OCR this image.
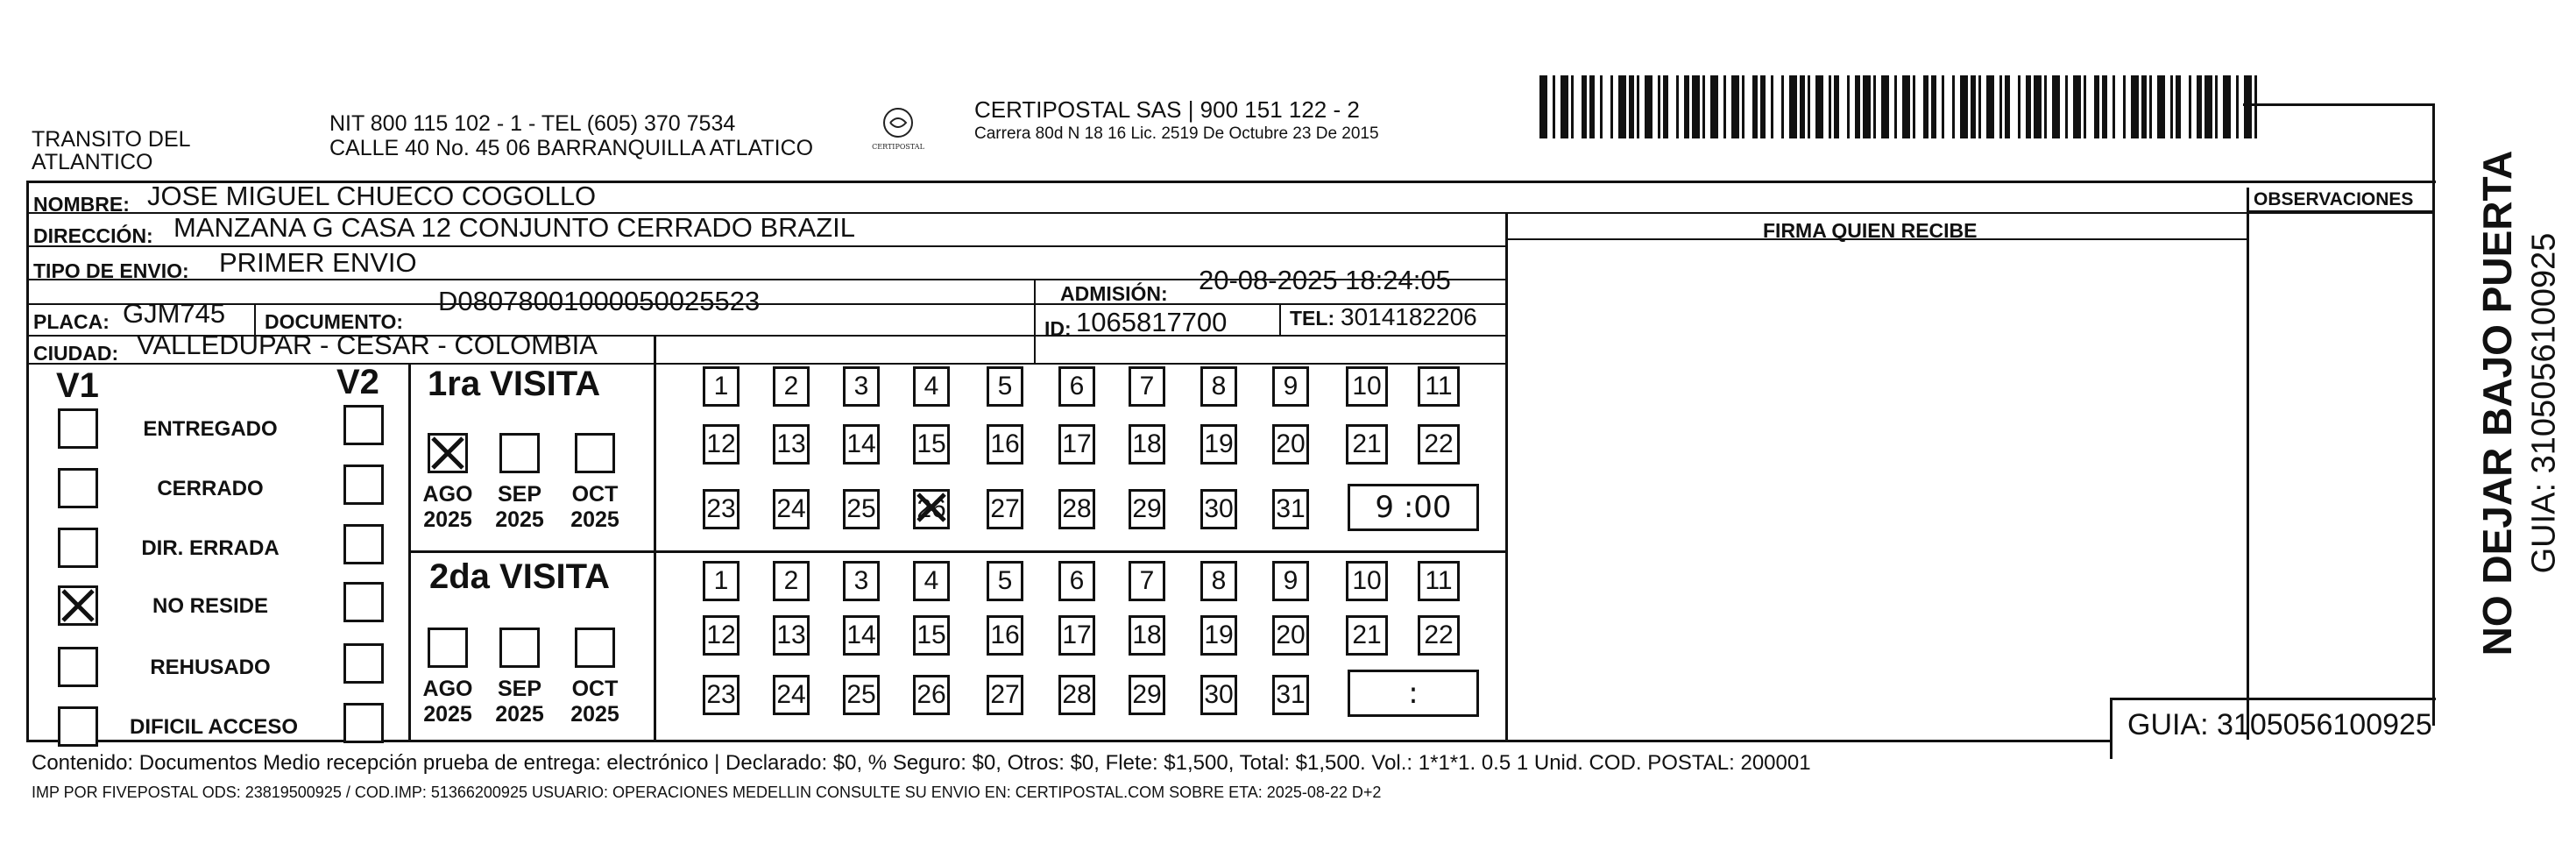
TRANSITO DEL
ATLANTICO
NIT 800 115 102 - 1 - TEL (605) 370 7534
CALLE 40 No. 45 06 BARRANQUILLA ATLATICO	CERTIPOSTAL
CERTIPOSTAL SAS | 900 151 122 - 2
Carrera 80d N 18 16 Lic. 2519 De Octubre 23 De 2015
NOMBRE: JOSE MIGUEL CHUECO COGOLLO
DIRECCIÓN: MANZANA G CASA 12 CONJUNTO CERRADO BRAZIL
TIPO DE ENVIO: PRIMER ENVIO
ADMISIÓN: 20-08-2025 18:24:05
PLACA: GJM745 DOCUMENTO:
D08078001000050025523
ID: 1065817700	TEL: 3014182206
CIUDAD: VALLEDUPAR - CESAR - COLOMBIA
FIRMA QUIEN RECIBE
OBSERVACIONES
V1	V2
ENTREGADO
CERRADO
DIR. ERRADA
NO RESIDE
REHUSADO
DIFICIL ACCESO
1ra VISITA
2da VISITA
1 2 3 4 5 6 7 8 9 10 11
12 13 14 15 16 17 18 19 20 21 22
23 24 25 26 27 28 29 30 31 9 :00
1 2 3 4 5 6 7 8 9 10 11
12 13 14 15 16 17 18 19 20 21 22
23 24 25 26 27 28 29 30 31	:
AGO
2025
SEP
2025
OCT
2025
AGO
2025
SEP
2025
OCT
2025
Contenido: Documentos Medio recepción prueba de entrega: electrónico | Declarado: $0, % Seguro: $0, Otros: $0, Flete: $1,500, Total: $1,500. Vol.: 1*1*1. 0.5 1 Unid. COD. POSTAL: 200001
IMP POR FIVEPOSTAL ODS: 23819500925 / COD.IMP: 51366200925 USUARIO: OPERACIONES MEDELLIN CONSULTE SU ENVIO EN: CERTIPOSTAL.COM SOBRE ETA: 2025-08-22 D+2
GUIA: 3105056100925
NO DEJAR BAJO PUERTA GUIA: 3105056100925
